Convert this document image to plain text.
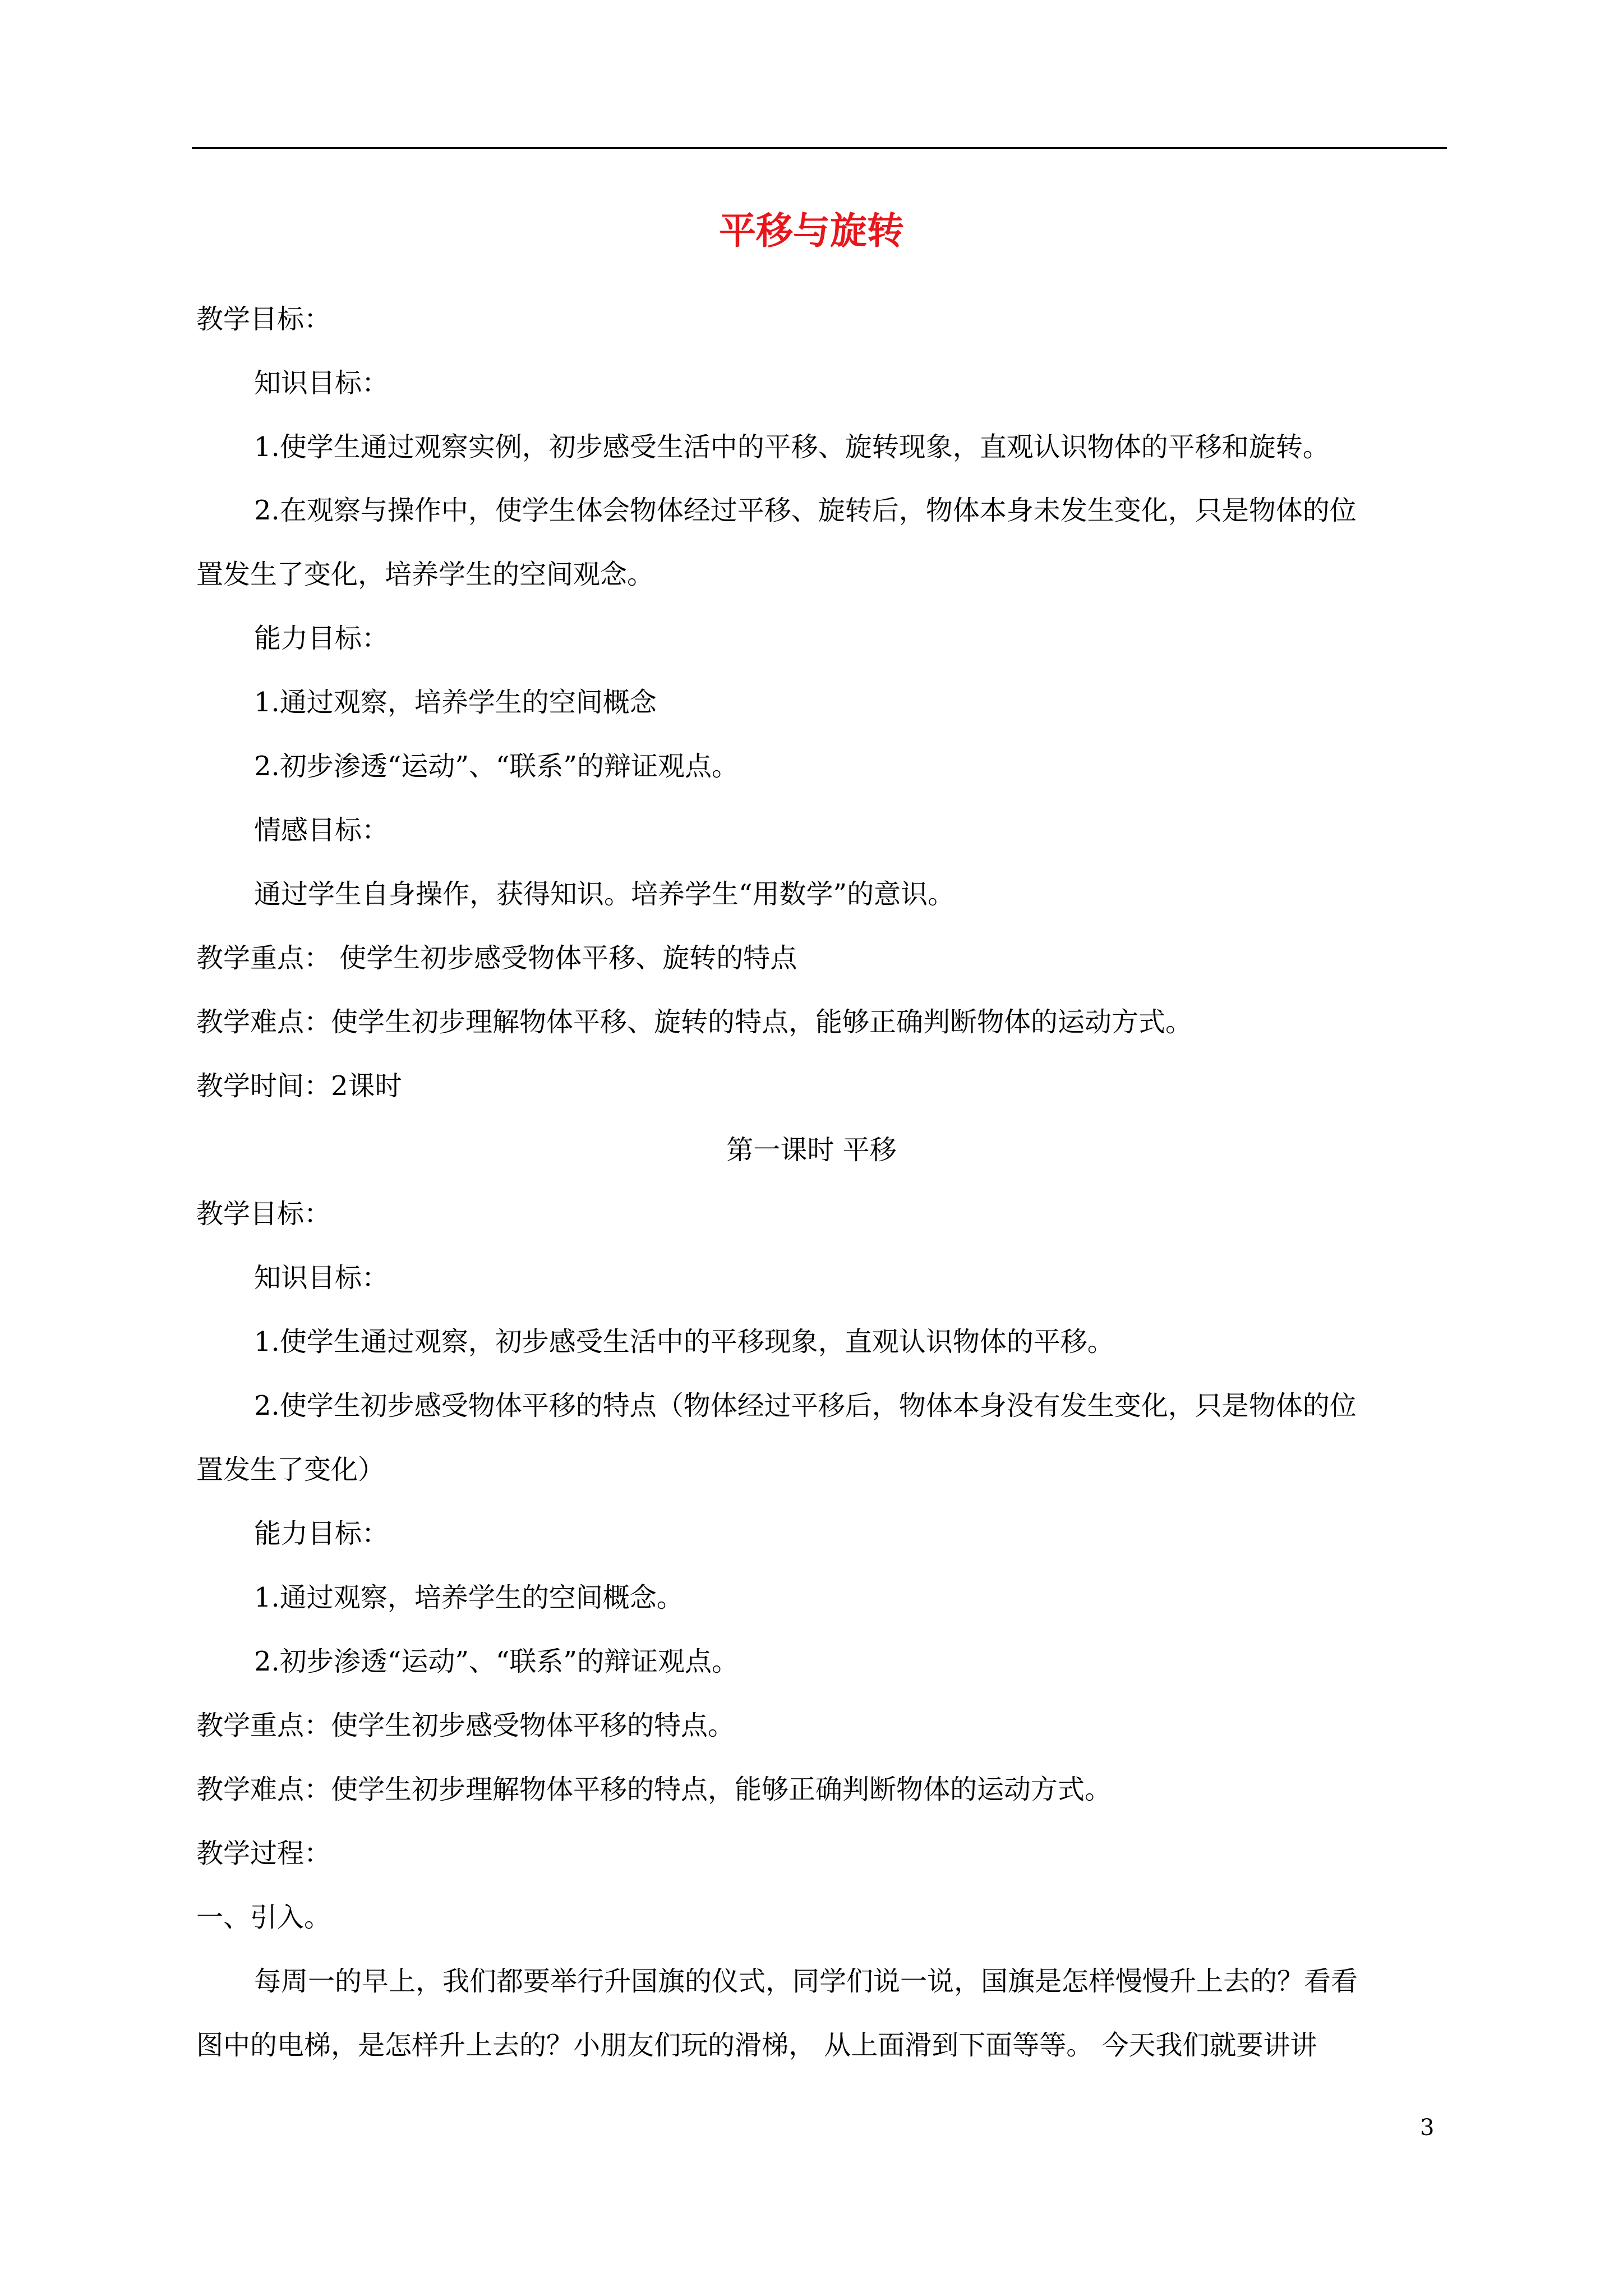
平移与旋转
教学目标：
知识目标：
1.使学生通过观察实例，初步感受生活中的平移、旋转现象，直观认识物体的平移和旋转。
2.在观察与操作中，使学生体会物体经过平移、旋转后，物体本身未发生变化，只是物体的位
置发生了变化，培养学生的空间观念。
能力目标：
1.通过观察，培养学生的空间概念
2.初步渗透“运动”、“联系”的辩证观点。
情感目标：
通过学生自身操作，获得知识。培养学生“用数学”的意识。
教学重点： 使学生初步感受物体平移、旋转的特点
教学难点：使学生初步理解物体平移、旋转的特点，能够正确判断物体的运动方式。
教学时间：2课时
第一课时 平移
教学目标：
知识目标：
1.使学生通过观察，初步感受生活中的平移现象，直观认识物体的平移。
2.使学生初步感受物体平移的特点（物体经过平移后，物体本身没有发生变化，只是物体的位
置发生了变化）
能力目标：
1.通过观察，培养学生的空间概念。
2.初步渗透“运动”、“联系”的辩证观点。
教学重点：使学生初步感受物体平移的特点。
教学难点：使学生初步理解物体平移的特点，能够正确判断物体的运动方式。
教学过程：
一、引入。
每周一的早上，我们都要举行升国旗的仪式，同学们说一说，国旗是怎样慢慢升上去的？看看
图中的电梯，是怎样升上去的？小朋友们玩的滑梯， 从上面滑到下面等等。 今天我们就要讲讲
3
